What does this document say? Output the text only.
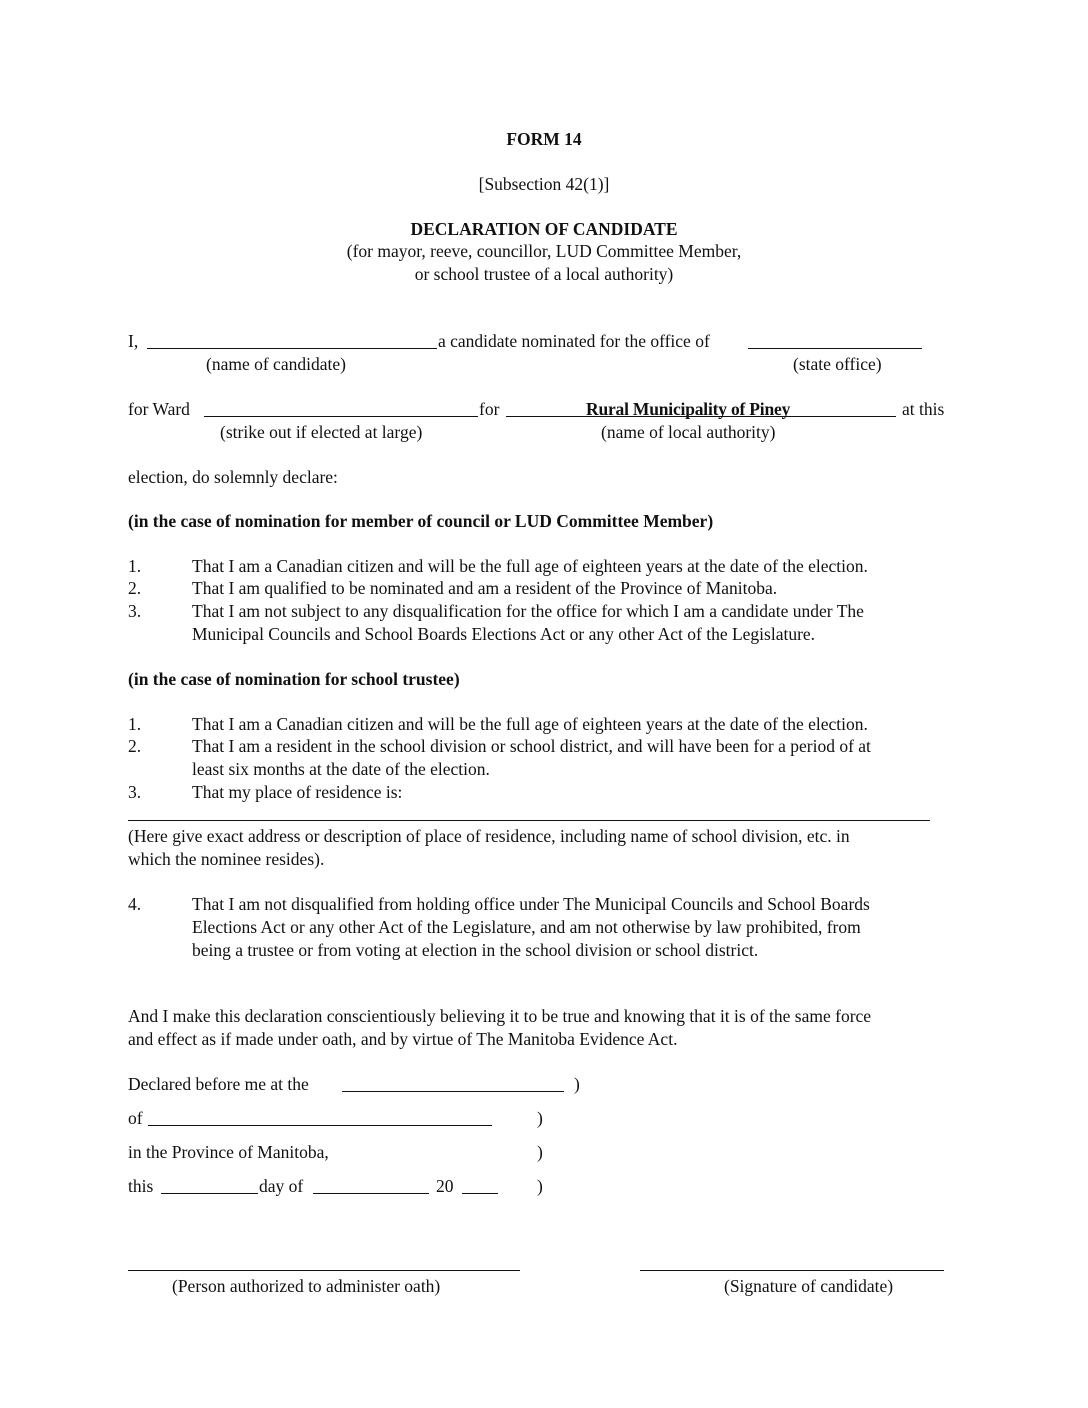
FORM 14
[Subsection 42(1)]
DECLARATION OF CANDIDATE
(for mayor, reeve, councillor, LUD Committee Member,
or school trustee of a local authority)
I,	a candidate nominated for the office of
(name of candidate)	(state office)
for Ward	for	Rural Municipality of Piney	at this
(strike out if elected at large)	(name of local authority)
election, do solemnly declare:
(in the case of nomination for member of council or LUD Committee Member)
1.	That I am a Canadian citizen and will be the full age of eighteen years at the date of the election.
2.	That I am qualified to be nominated and am a resident of the Province of Manitoba.
3.	That I am not subject to any disqualification for the office for which I am a candidate under The
Municipal Councils and School Boards Elections Act or any other Act of the Legislature.
(in the case of nomination for school trustee)
1.	That I am a Canadian citizen and will be the full age of eighteen years at the date of the election.
2.	That I am a resident in the school division or school district, and will have been for a period of at
least six months at the date of the election.
3.	That my place of residence is:
(Here give exact address or description of place of residence, including name of school division, etc. in
which the nominee resides).
4.	That I am not disqualified from holding office under The Municipal Councils and School Boards
Elections Act or any other Act of the Legislature, and am not otherwise by law prohibited, from
being a trustee or from voting at election in the school division or school district.
And I make this declaration conscientiously believing it to be true and knowing that it is of the same force
and effect as if made under oath, and by virtue of The Manitoba Evidence Act.
Declared before me at the	)
of	)
in the Province of Manitoba,	)
this	day of	20	)
(Person authorized to administer oath)	(Signature of candidate)
